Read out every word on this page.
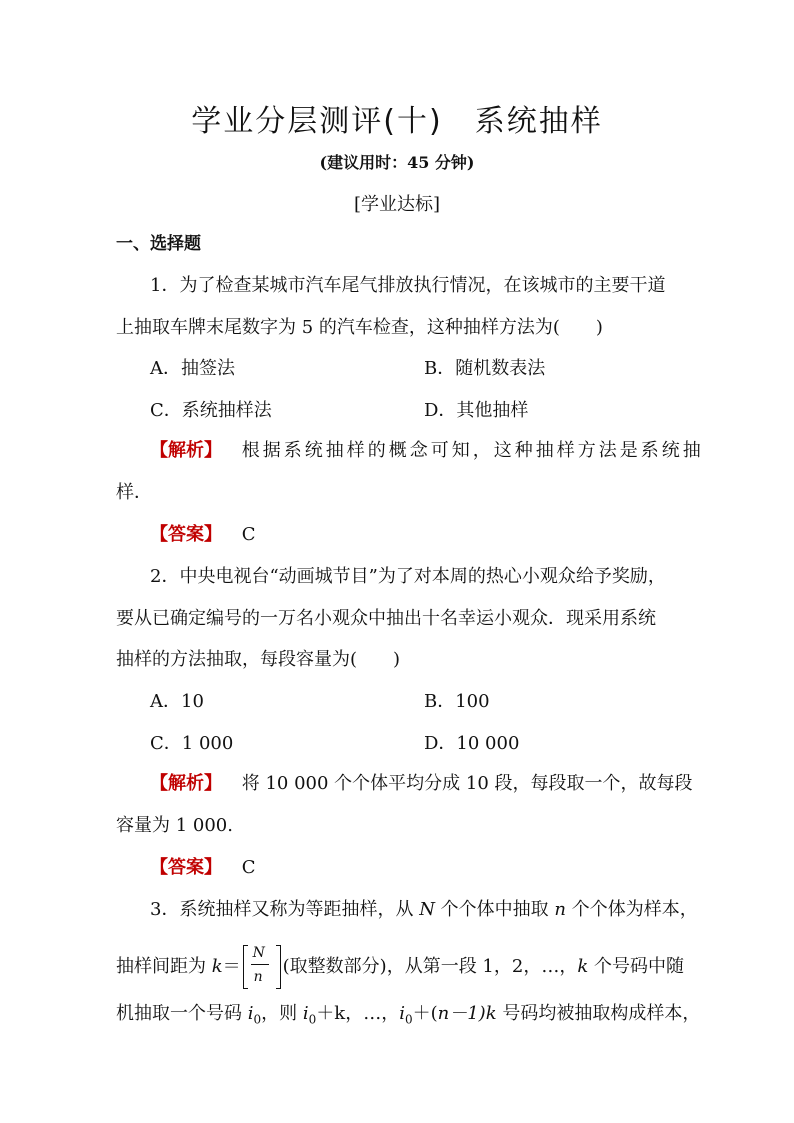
学业分层测评(十)　系统抽样
(建议用时：45 分钟)
[学业达标]
一、选择题
1．为了检查某城市汽车尾气排放执行情况，在该城市的主要干道
上抽取车牌末尾数字为 5 的汽车检查，这种抽样方法为(　　)
A．抽签法	B．随机数表法
C．系统抽样法	D．其他抽样
【解析】 根据系统抽样的概念可知，这种抽样方法是系统抽
样．
【答案】 C
2．中央电视台“动画城节目”为了对本周的热心小观众给予奖励，
要从已确定编号的一万名小观众中抽出十名幸运小观众．现采用系统
抽样的方法抽取，每段容量为(　　)
A．10	B．100
C．1 000	D．10 000
【解析】 将 10 000 个个体平均分成 10 段，每段取一个，故每段
容量为 1 000.
【答案】 C
3．系统抽样又称为等距抽样，从 N 个个体中抽取 n 个个体为样本，
抽样间距为 $k= \frac{N}{n}$ (取整数部分)，从第一段 1，2，…，k 个号码中随
机抽取一个号码 $i_0$，则 $i_0+k$，…，$i_0+(n-1)k$ 号码均被抽取构成样本，
